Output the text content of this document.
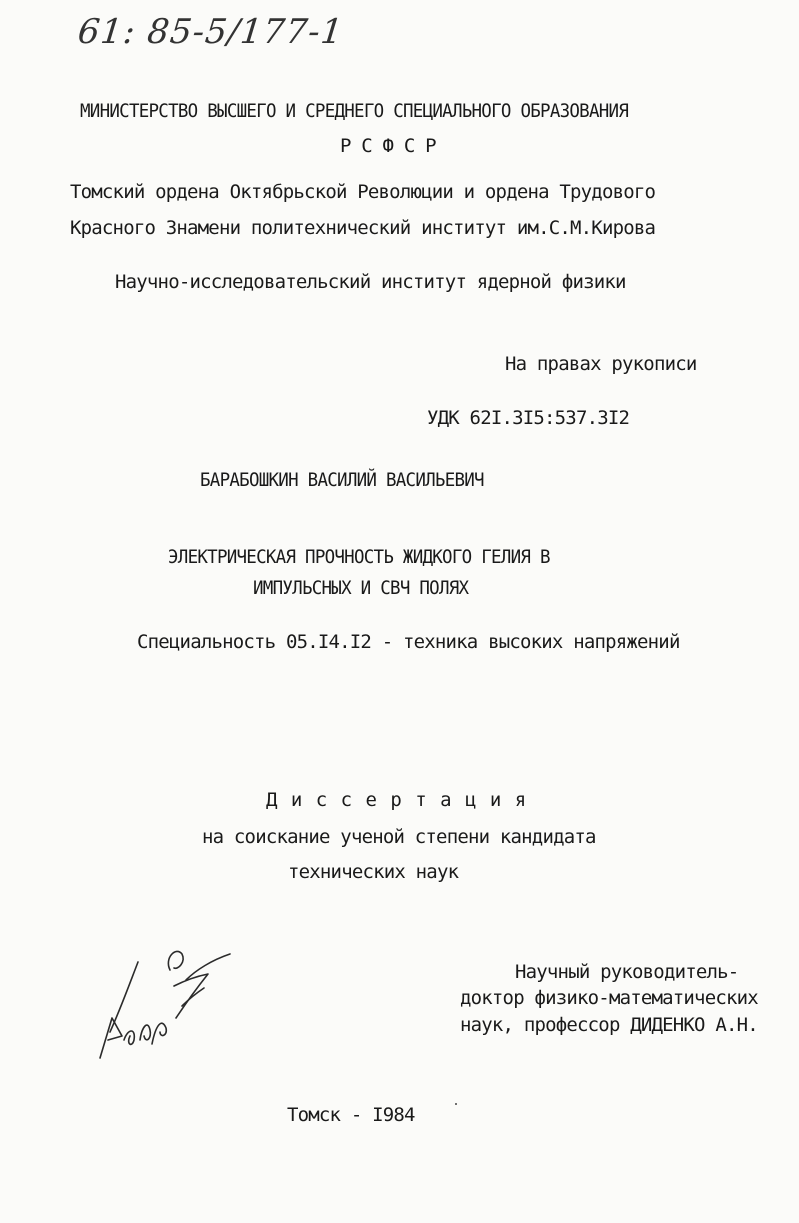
61: 85-5/177-1
МИНИСТЕРСТВО ВЫСШЕГО И СРЕДНЕГО СПЕЦИАЛЬНОГО ОБРАЗОВАНИЯ
Р С Ф С Р
Томский ордена Октябрьской Революции и ордена Трудового
Красного Знамени политехнический институт им.С.М.Кирова
Научно-исследовательский институт ядерной физики
На правах рукописи
УДК 62I.3I5:537.3I2
БАРАБОШКИН ВАСИЛИЙ ВАСИЛЬЕВИЧ
ЭЛЕКТРИЧЕСКАЯ ПРОЧНОСТЬ ЖИДКОГО ГЕЛИЯ В
ИМПУЛЬСНЫХ И СВЧ ПОЛЯХ
Специальность 05.I4.I2 - техника высоких напряжений
Д и с с е р т а ц и я
на соискание ученой степени кандидата
технических наук
Научный руководитель-
доктор физико-математических
наук, профессор ДИДЕНКО А.Н.
Томск - I984
